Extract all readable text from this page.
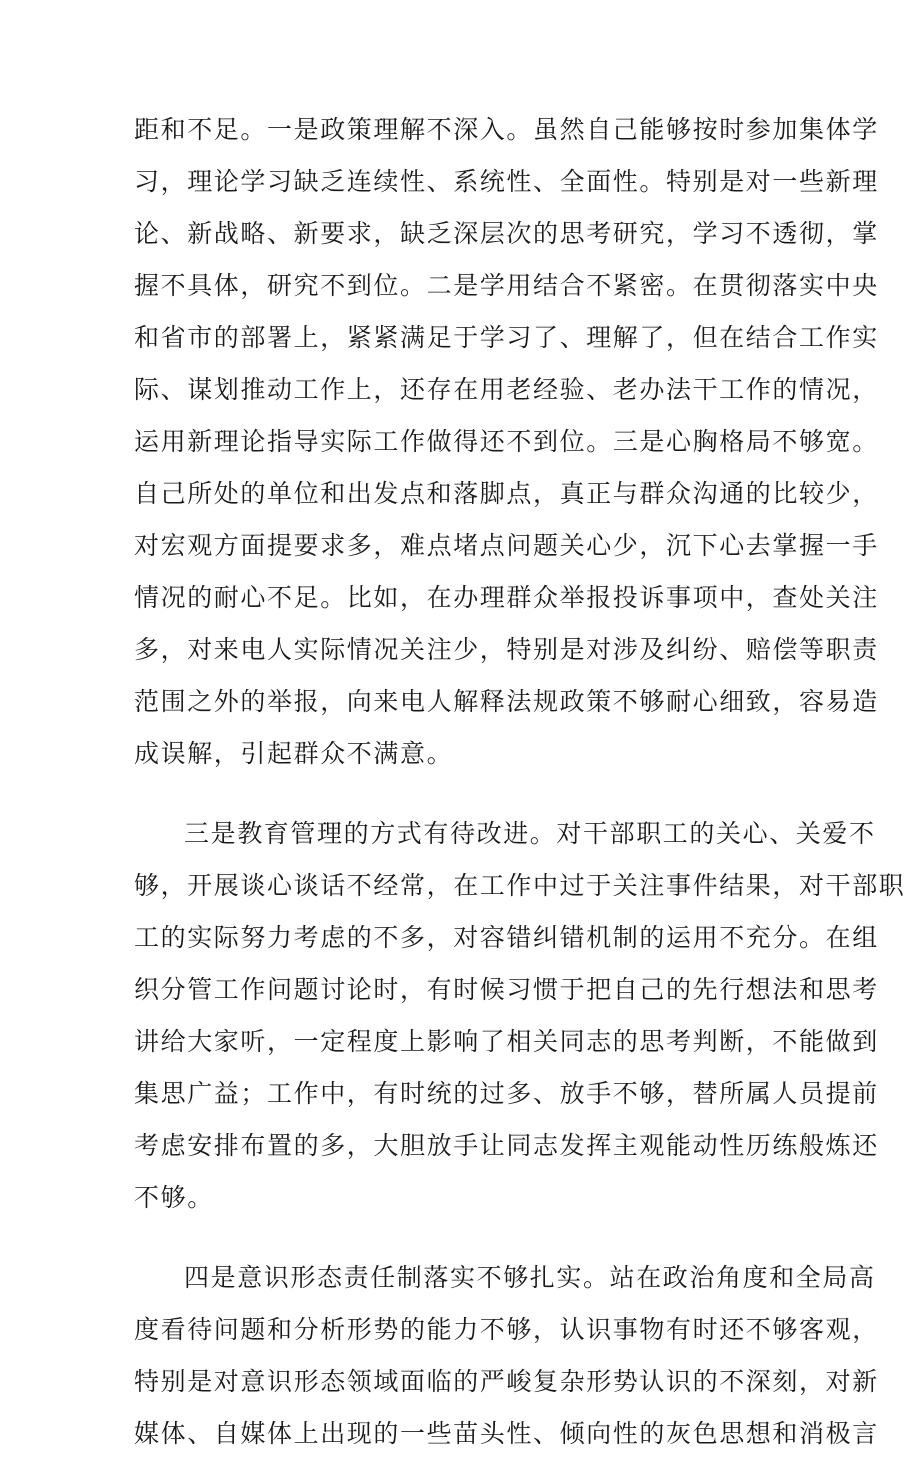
距和不足。一是政策理解不深入。虽然自己能够按时参加集体学
习，理论学习缺乏连续性、系统性、全面性。特别是对一些新理
论、新战略、新要求，缺乏深层次的思考研究，学习不透彻，掌
握不具体，研究不到位。二是学用结合不紧密。在贯彻落实中央
和省市的部署上，紧紧满足于学习了、理解了，但在结合工作实
际、谋划推动工作上，还存在用老经验、老办法干工作的情况，
运用新理论指导实际工作做得还不到位。三是心胸格局不够宽。
自己所处的单位和出发点和落脚点，真正与群众沟通的比较少，
对宏观方面提要求多，难点堵点问题关心少，沉下心去掌握一手
情况的耐心不足。比如，在办理群众举报投诉事项中，查处关注
多，对来电人实际情况关注少，特别是对涉及纠纷、赔偿等职责
范围之外的举报，向来电人解释法规政策不够耐心细致，容易造
成误解，引起群众不满意。
三是教育管理的方式有待改进。对干部职工的关心、关爱不
够，开展谈心谈话不经常，在工作中过于关注事件结果，对干部职
工的实际努力考虑的不多，对容错纠错机制的运用不充分。在组
织分管工作问题讨论时，有时候习惯于把自己的先行想法和思考
讲给大家听，一定程度上影响了相关同志的思考判断，不能做到
集思广益；工作中，有时统的过多、放手不够，替所属人员提前
考虑安排布置的多，大胆放手让同志发挥主观能动性历练般炼还
不够。
四是意识形态责任制落实不够扎实。站在政治角度和全局高
度看待问题和分析形势的能力不够，认识事物有时还不够客观，
特别是对意识形态领域面临的严峻复杂形势认识的不深刻，对新
媒体、自媒体上出现的一些苗头性、倾向性的灰色思想和消极言
